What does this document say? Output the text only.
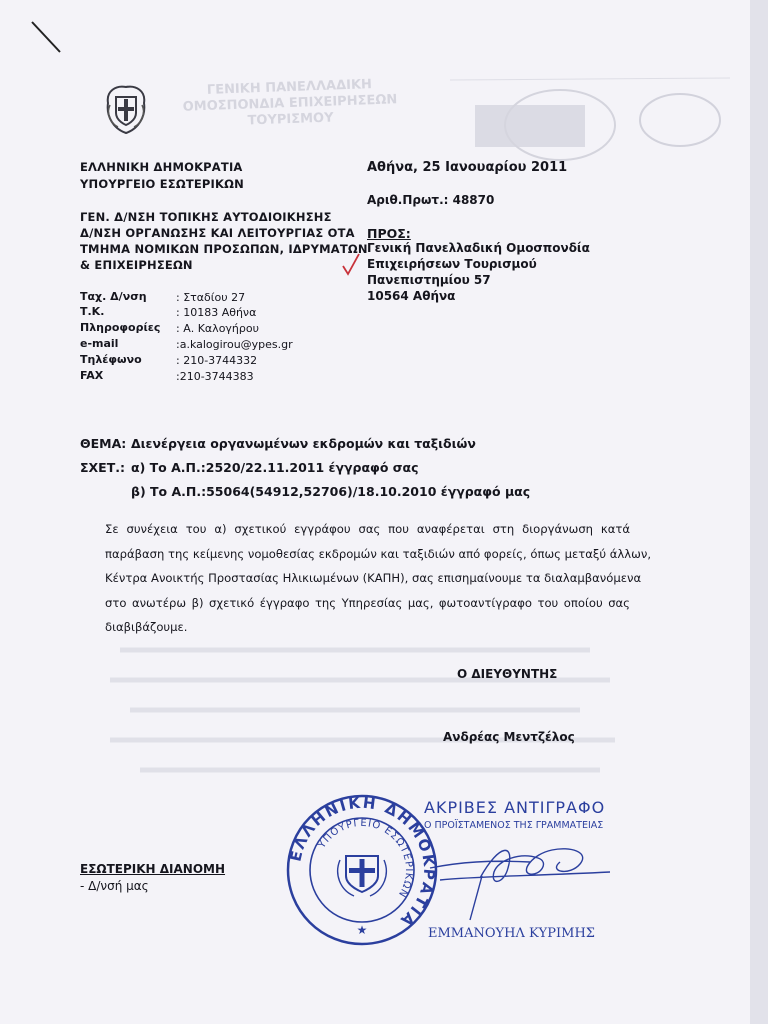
ΓΕΝΙΚΗ ΠΑΝΕΛΛΑΔΙΚΗ ΟΜΟΣΠΟΝΔΙΑ ΕΠΙΧΕΙΡΗΣΕΩΝ ΤΟΥΡΙΣΜΟΥ
ΕΛΛΗΝΙΚΗ ΔΗΜΟΚΡΑΤΙΑ
ΥΠΟΥΡΓΕΙΟ ΕΣΩΤΕΡΙΚΩΝ
ΓΕΝ. Δ/ΝΣΗ ΤΟΠΙΚΗΣ ΑΥΤΟΔΙΟΙΚΗΣΗΣ
Δ/ΝΣΗ ΟΡΓΑΝΩΣΗΣ ΚΑΙ ΛΕΙΤΟΥΡΓΙΑΣ ΟΤΑ
ΤΜΗΜΑ ΝΟΜΙΚΩΝ ΠΡΟΣΩΠΩΝ, ΙΔΡΥΜΑΤΩΝ
& ΕΠΙΧΕΙΡΗΣΕΩΝ
Αθήνα, 25 Ιανουαρίου 2011
Αριθ.Πρωτ.: 48870
ΠΡΟΣ:
Γενική Πανελλαδική Ομοσπονδία
Επιχειρήσεων Τουρισμού
Πανεπιστημίου 57
10564 Αθήνα
Ταχ. Δ/νση	: Σταδίου 27
Τ.Κ.	: 10183 Αθήνα
Πληροφορίες : Α. Καλογήρου
e-mail	:a.kalogirou@ypes.gr
Τηλέφωνο	: 210-3744332
FAX	:210-3744383
ΘΕΜΑ: Διενέργεια οργανωμένων εκδρομών και ταξιδιών
ΣΧΕΤ.: α) Το Α.Π.:2520/22.11.2011 έγγραφό σας
β) Το Α.Π.:55064(54912,52706)/18.10.2010 έγγραφό μας
Σε συνέχεια του α) σχετικού εγγράφου σας που αναφέρεται στη διοργάνωση κατά
παράβαση της κείμενης νομοθεσίας εκδρομών και ταξιδιών από φορείς, όπως μεταξύ άλλων,
Κέντρα Ανοικτής Προστασίας Ηλικιωμένων (ΚΑΠΗ), σας επισημαίνουμε τα διαλαμβανόμενα
στο ανωτέρω β) σχετικό έγγραφο της Υπηρεσίας μας, φωτοαντίγραφο του οποίου σας
διαβιβάζουμε.
Ο ΔΙΕΥΘΥΝΤΗΣ
Ανδρέας Μεντζέλος
ΕΛΛΗΝΙΚΗ ΔΗΜΟΚΡΑΤΙΑ
ΥΠΟΥΡΓΕΙΟ ΕΣΩΤΕΡΙΚΩΝ
★
ΑΚΡΙΒΕΣ ΑΝΤΙΓΡΑΦΟ
Ο ΠΡΟΪΣΤΑΜΕΝΟΣ ΤΗΣ ΓΡΑΜΜΑΤΕΙΑΣ
ΕΜΜΑΝΟΥΗΛ ΚΥΡΙΜΗΣ
ΕΣΩΤΕΡΙΚΗ ΔΙΑΝΟΜΗ
- Δ/νσή μας
